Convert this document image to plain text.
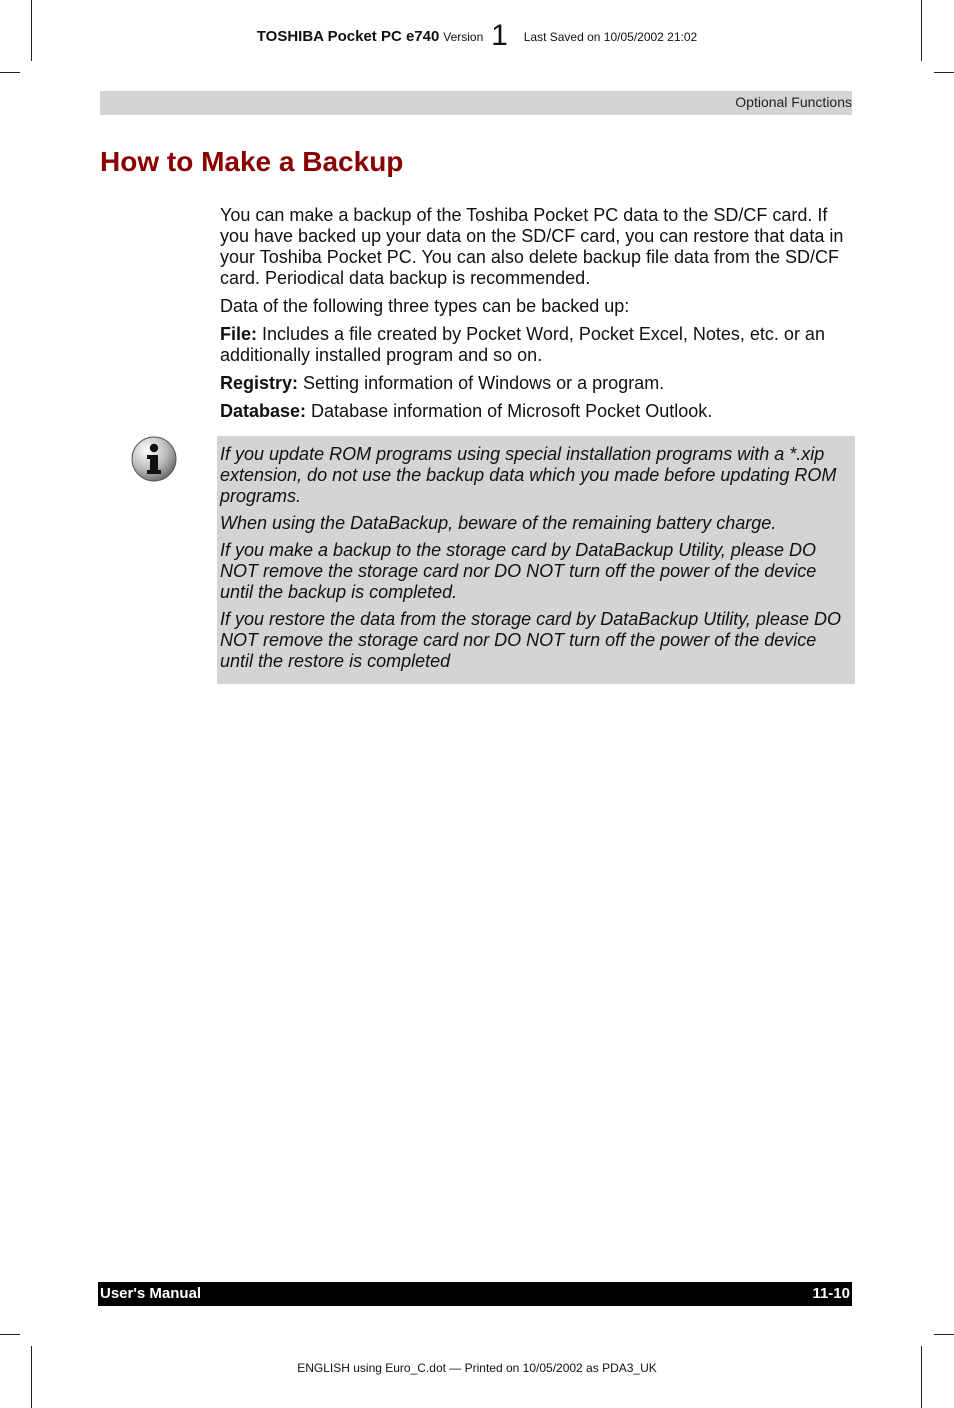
TOSHIBA Pocket PC e740 Version 1 Last Saved on 10/05/2002 21:02
Optional Functions
How to Make a Backup

You can make a backup of the Toshiba Pocket PC data to the SD/CF card. If you have backed up your data on the SD/CF card, you can restore that data in your Toshiba Pocket PC. You can also delete backup file data from the SD/CF card. Periodical data backup is recommended.

Data of the following three types can be backed up:

File: Includes a file created by Pocket Word, Pocket Excel, Notes, etc. or an additionally installed program and so on.

Registry: Setting information of Windows or a program.

Database: Database information of Microsoft Pocket Outlook.

If you update ROM programs using special installation programs with a *.xip extension, do not use the backup data which you made before updating ROM programs.

When using the DataBackup, beware of the remaining battery charge.

If you make a backup to the storage card by DataBackup Utility, please DO NOT remove the storage card nor DO NOT turn off the power of the device until the backup is completed.

If you restore the data from the storage card by DataBackup Utility, please DO NOT remove the storage card nor DO NOT turn off the power of the device until the restore is completed

User's Manual	11-10
ENGLISH using Euro_C.dot — Printed on 10/05/2002 as PDA3_UK
